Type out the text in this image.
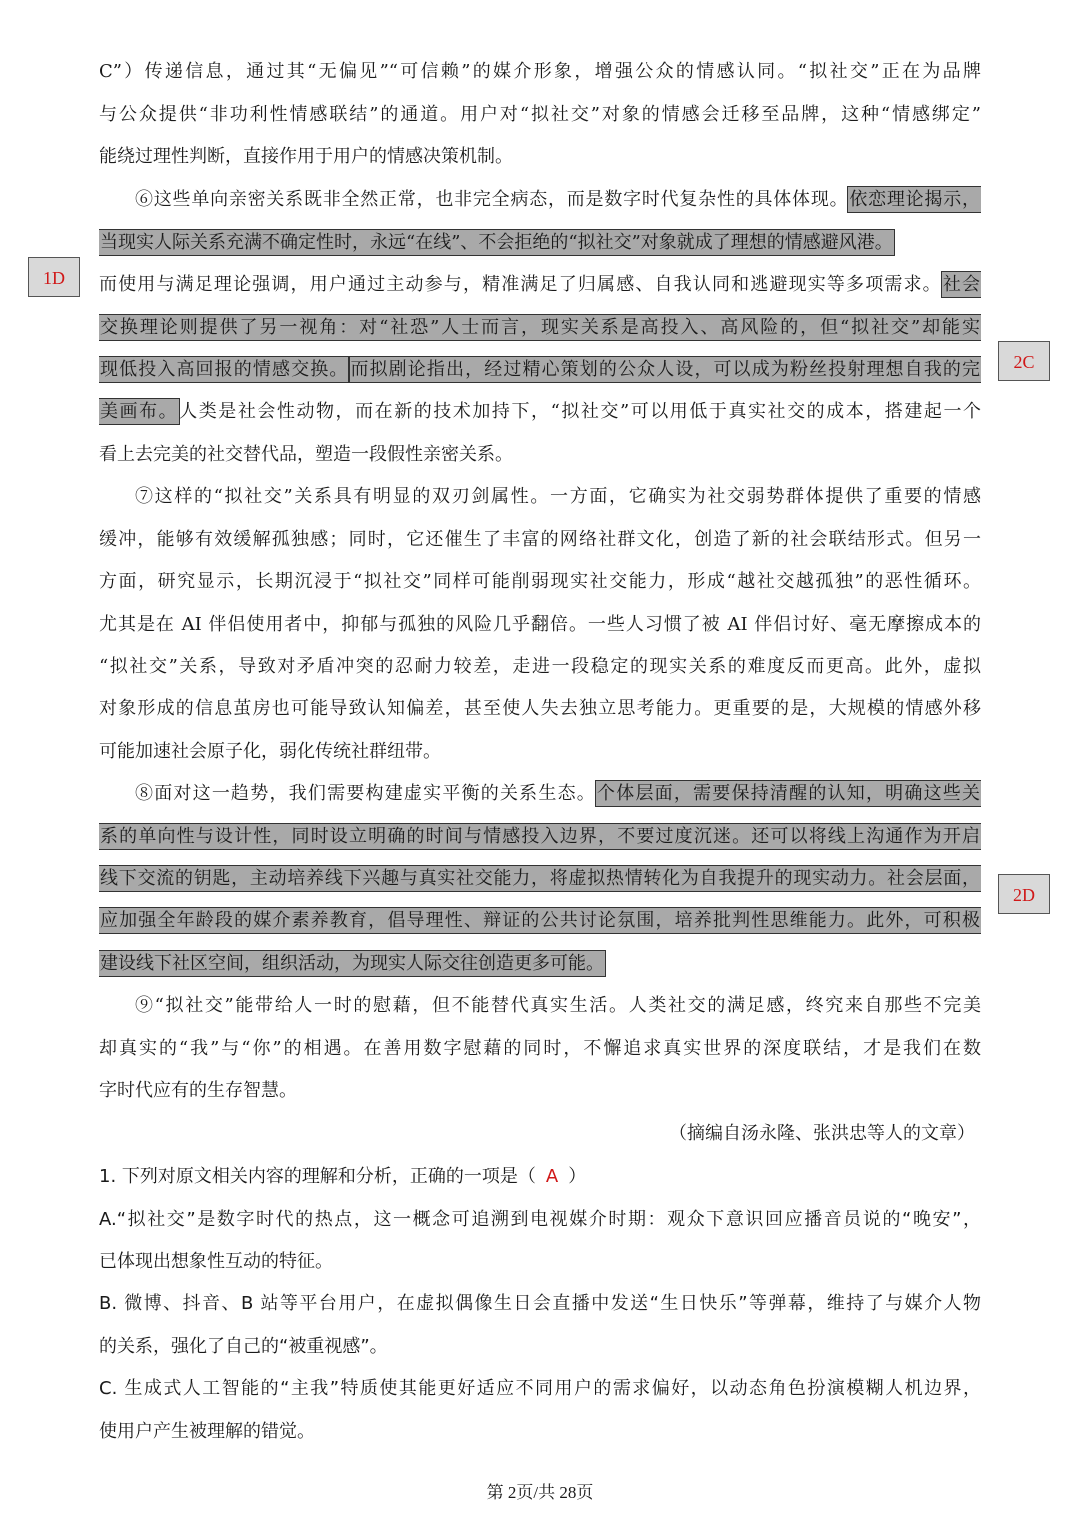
C”）传递信息，通过其“无偏见”“可信赖”的媒介形象，增强公众的情感认同。“拟社交”正在为品牌
与公众提供“非功利性情感联结”的通道。用户对“拟社交”对象的情感会迁移至品牌，这种“情感绑定”
能绕过理性判断，直接作用于用户的情感决策机制。
⑥这些单向亲密关系既非全然正常，也非完全病态，而是数字时代复杂性的具体体现。依恋理论揭示，
当现实人际关系充满不确定性时，永远“在线”、不会拒绝的“拟社交”对象就成了理想的情感避风港。
而使用与满足理论强调，用户通过主动参与，精准满足了归属感、自我认同和逃避现实等多项需求。社会
交换理论则提供了另一视角：对“社恐”人士而言，现实关系是高投入、高风险的，但“拟社交”却能实
现低投入高回报的情感交换。 而拟剧论指出，经过精心策划的公众人设，可以成为粉丝投射理想自我的完
美画布。人类是社会性动物，而在新的技术加持下，“拟社交”可以用低于真实社交的成本，搭建起一个
看上去完美的社交替代品，塑造一段假性亲密关系。
⑦这样的“拟社交”关系具有明显的双刃剑属性。一方面，它确实为社交弱势群体提供了重要的情感
缓冲，能够有效缓解孤独感；同时，它还催生了丰富的网络社群文化，创造了新的社会联结形式。但另一
方面，研究显示，长期沉浸于“拟社交”同样可能削弱现实社交能力，形成“越社交越孤独”的恶性循环。
尤其是在 AI 伴侣使用者中，抑郁与孤独的风险几乎翻倍。一些人习惯了被 AI 伴侣讨好、毫无摩擦成本的
“拟社交”关系，导致对矛盾冲突的忍耐力较差，走进一段稳定的现实关系的难度反而更高。此外，虚拟
对象形成的信息茧房也可能导致认知偏差，甚至使人失去独立思考能力。更重要的是，大规模的情感外移
可能加速社会原子化，弱化传统社群纽带。
⑧面对这一趋势，我们需要构建虚实平衡的关系生态。个体层面，需要保持清醒的认知，明确这些关
系的单向性与设计性，同时设立明确的时间与情感投入边界，不要过度沉迷。还可以将线上沟通作为开启
线下交流的钥匙，主动培养线下兴趣与真实社交能力，将虚拟热情转化为自我提升的现实动力。社会层面，
应加强全年龄段的媒介素养教育，倡导理性、辩证的公共讨论氛围，培养批判性思维能力。此外，可积极
建设线下社区空间，组织活动，为现实人际交往创造更多可能。
⑨“拟社交”能带给人一时的慰藉，但不能替代真实生活。人类社交的满足感，终究来自那些不完美
却真实的“我”与“你”的相遇。在善用数字慰藉的同时，不懈追求真实世界的深度联结，才是我们在数
字时代应有的生存智慧。
（摘编自汤永隆、张洪忠等人的文章）
1D
2C
2D
1. 下列对原文相关内容的理解和分析，正确的一项是（ A ）
A.“拟社交”是数字时代的热点，这一概念可追溯到电视媒介时期：观众下意识回应播音员说的“晚安”，
已体现出想象性互动的特征。
B. 微博、抖音、B 站等平台用户，在虚拟偶像生日会直播中发送“生日快乐”等弹幕，维持了与媒介人物
的关系，强化了自己的“被重视感”。
C. 生成式人工智能的“主我”特质使其能更好适应不同用户的需求偏好，以动态角色扮演模糊人机边界，
使用户产生被理解的错觉。
第 2页/共 28页
